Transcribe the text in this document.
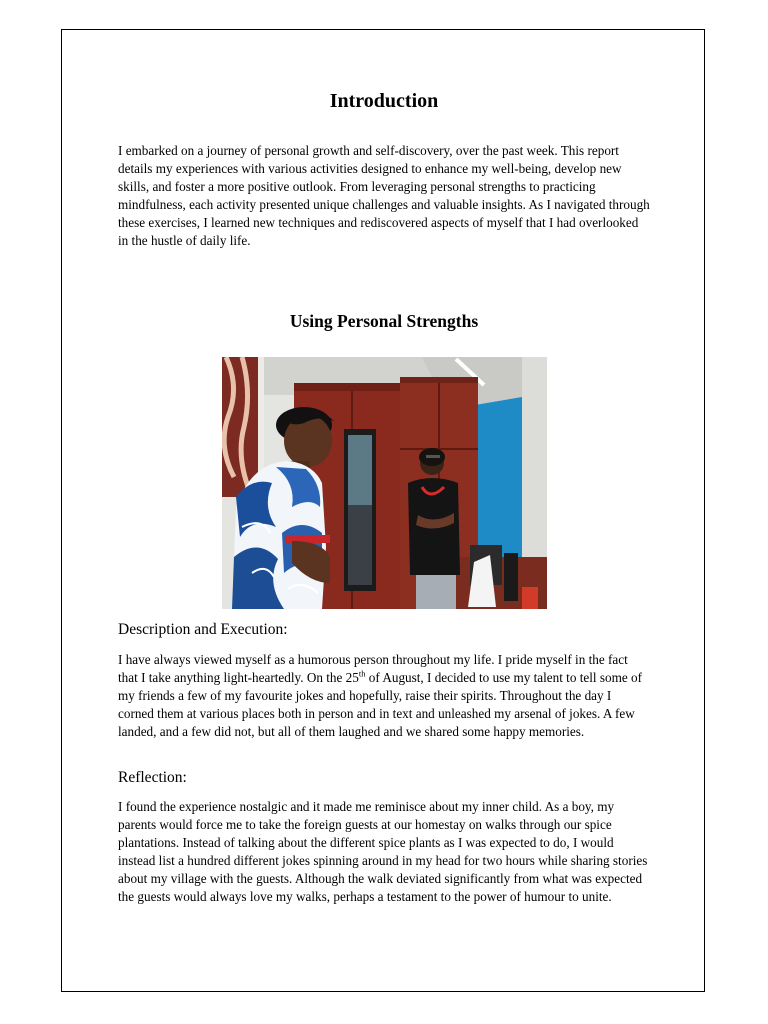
Introduction

I embarked on a journey of personal growth and self-discovery, over the past week. This report details my experiences with various activities designed to enhance my well-being, develop new skills, and foster a more positive outlook. From leveraging personal strengths to practicing mindfulness, each activity presented unique challenges and valuable insights. As I navigated through these exercises, I learned new techniques and rediscovered aspects of myself that I had overlooked in the hustle of daily life.

Using Personal Strengths
Description and Execution:

I have always viewed myself as a humorous person throughout my life. I pride myself in the fact that I take anything light-heartedly. On the 25th of August, I decided to use my talent to tell some of my friends a few of my favourite jokes and hopefully, raise their spirits. Throughout the day I corned them at various places both in person and in text and unleashed my arsenal of jokes. A few landed, and a few did not, but all of them laughed and we shared some happy memories.

Reflection:

I found the experience nostalgic and it made me reminisce about my inner child. As a boy, my parents would force me to take the foreign guests at our homestay on walks through our spice plantations. Instead of talking about the different spice plants as I was expected to do, I would instead list a hundred different jokes spinning around in my head for two hours while sharing stories about my village with the guests. Although the walk deviated significantly from what was expected the guests would always love my walks, perhaps a testament to the power of humour to unite.
